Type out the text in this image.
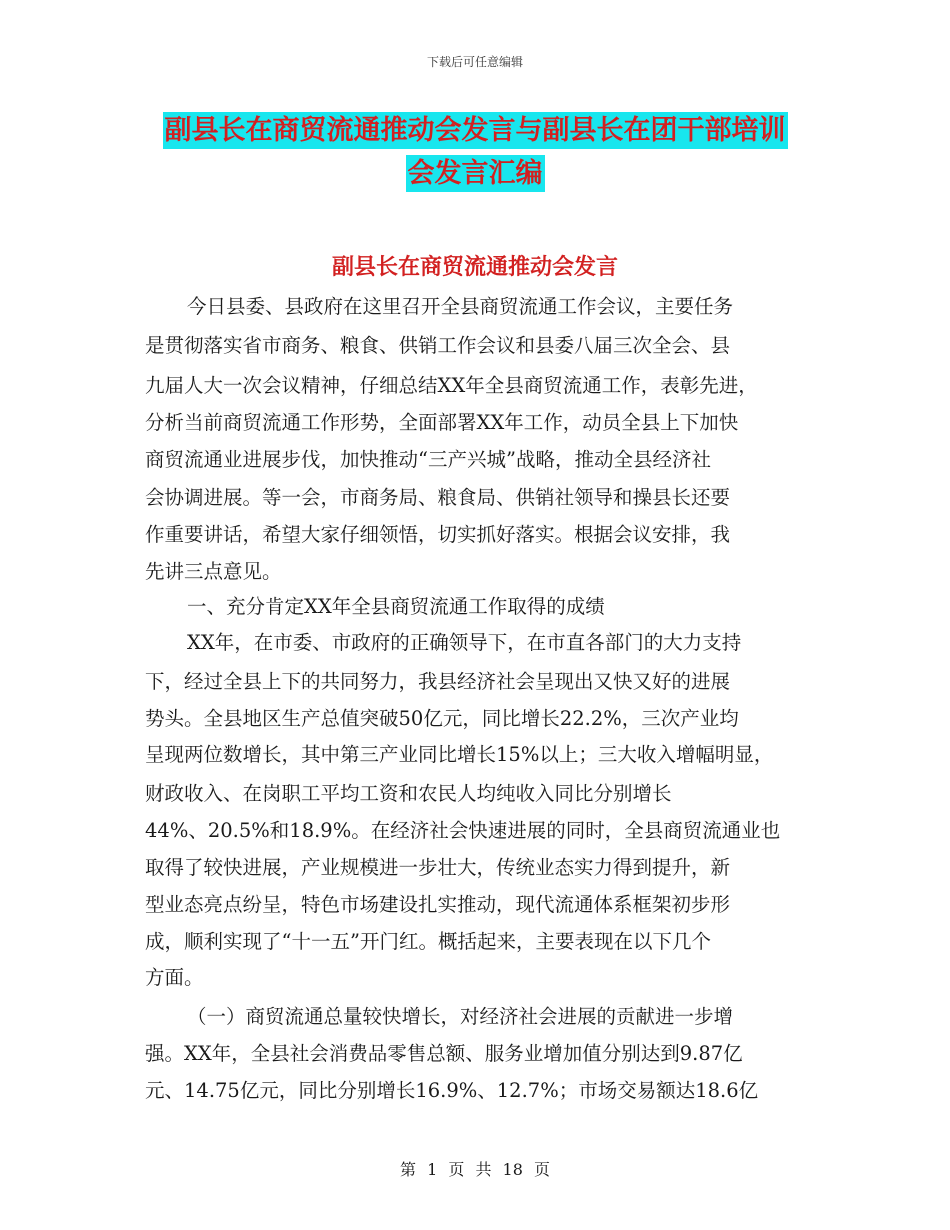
下载后可任意编辑
副县长在商贸流通推动会发言与副县长在团干部培训
会发言汇编
副县长在商贸流通推动会发言
今日县委、县政府在这里召开全县商贸流通工作会议，主要任务
是贯彻落实省市商务、粮食、供销工作会议和县委八届三次全会、县
九届人大一次会议精神，仔细总结XX年全县商贸流通工作，表彰先进，
分析当前商贸流通工作形势，全面部署XX年工作，动员全县上下加快
商贸流通业进展步伐，加快推动“三产兴城”战略，推动全县经济社
会协调进展。等一会，市商务局、粮食局、供销社领导和操县长还要
作重要讲话，希望大家仔细领悟，切实抓好落实。根据会议安排，我
先讲三点意见。
一、充分肯定XX年全县商贸流通工作取得的成绩
XX年，在市委、市政府的正确领导下，在市直各部门的大力支持
下，经过全县上下的共同努力，我县经济社会呈现出又快又好的进展
势头。全县地区生产总值突破50亿元，同比增长22.2%，三次产业均
呈现两位数增长，其中第三产业同比增长15%以上；三大收入增幅明显，
财政收入、在岗职工平均工资和农民人均纯收入同比分别增长
44%、20.5%和18.9%。在经济社会快速进展的同时，全县商贸流通业也
取得了较快进展，产业规模进一步壮大，传统业态实力得到提升，新
型业态亮点纷呈，特色市场建设扎实推动，现代流通体系框架初步形
成，顺利实现了“十一五”开门红。概括起来，主要表现在以下几个
方面。
（一）商贸流通总量较快增长，对经济社会进展的贡献进一步增
强。XX年，全县社会消费品零售总额、服务业增加值分别达到9.87亿
元、14.75亿元，同比分别增长16.9%、12.7%；市场交易额达18.6亿
第 1 页 共 18 页
